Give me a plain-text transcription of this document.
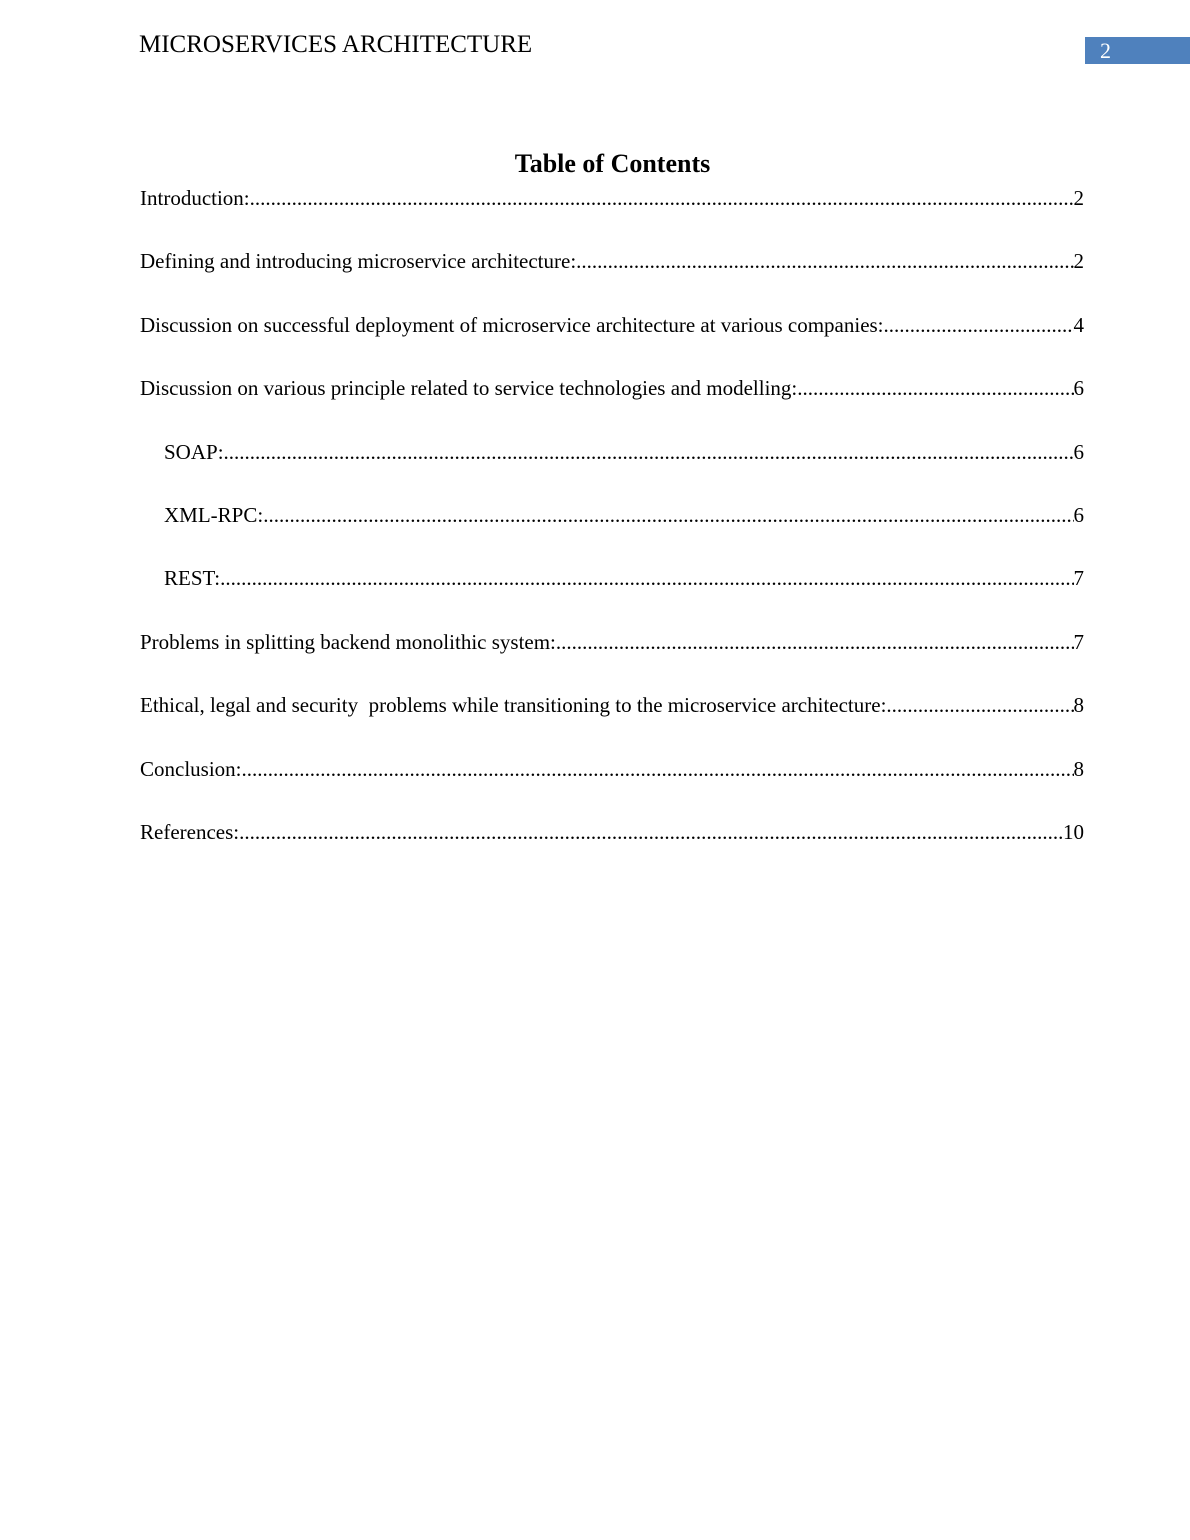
MICROSERVICES ARCHITECTURE	2
Table of Contents
Introduction: .....	2
Defining and introducing microservice architecture: .....	2
Discussion on successful deployment of microservice architecture at various companies: .....	4
Discussion on various principle related to service technologies and modelling: .....	6
SOAP: .....	6
XML-RPC: .....	6
REST: .....	7
Problems in splitting backend monolithic system: .....	7
Ethical, legal and security  problems while transitioning to the microservice architecture: .....	8
Conclusion: .....	8
References: .....	10
